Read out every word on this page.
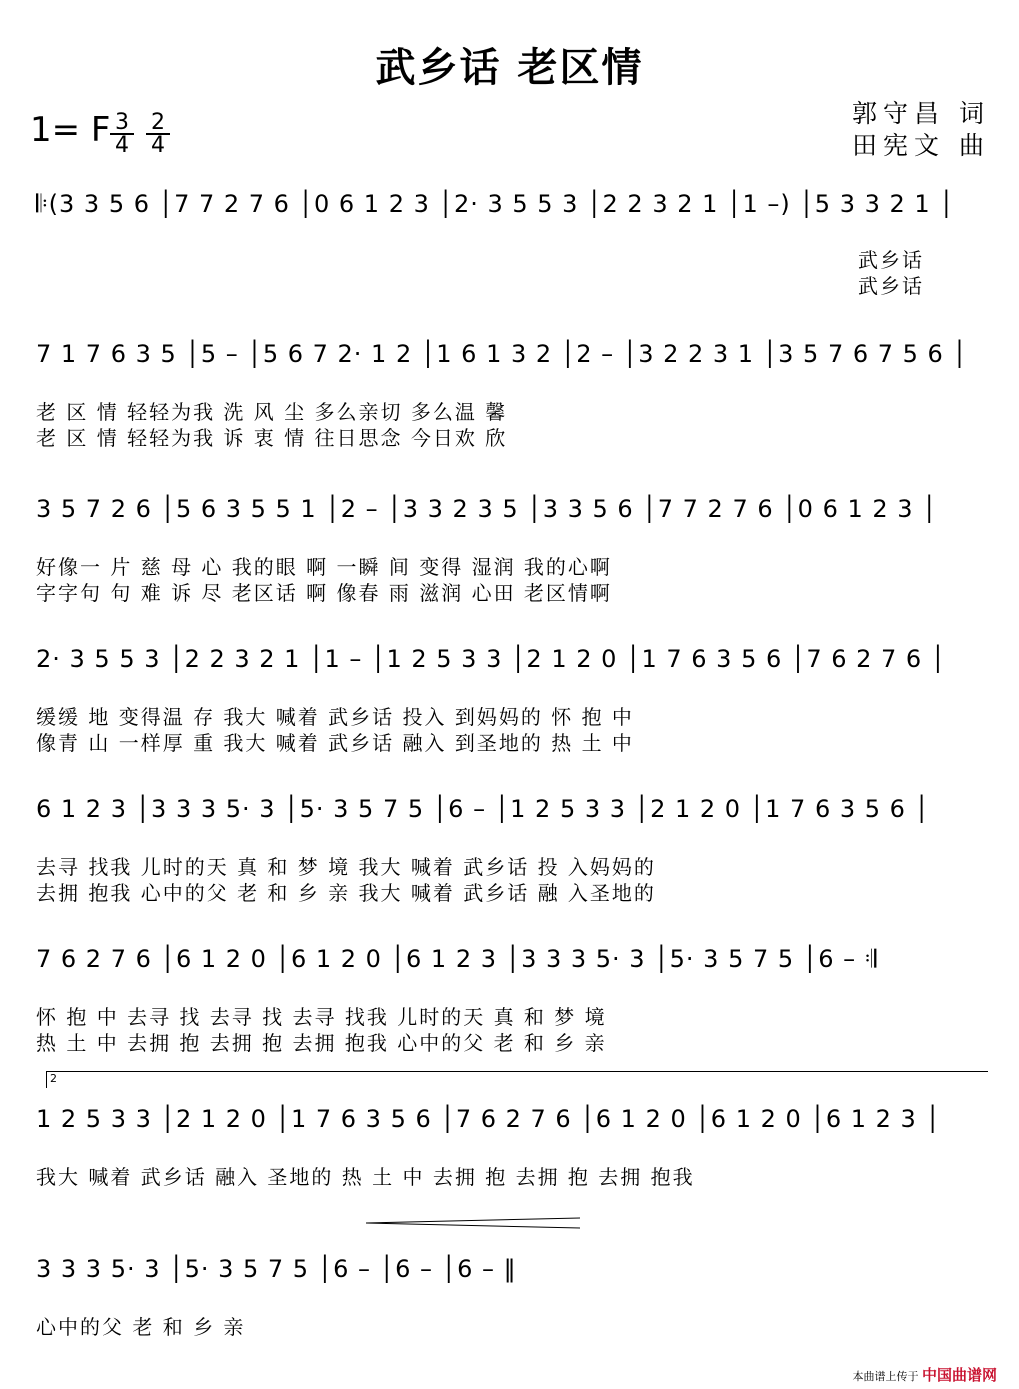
武乡话 老区情
1= F $\frac{3}{4} \frac{2}{4}$	郭守昌 词
田宪文 曲
𝄆(3 3 5 6 │7 7 2 7 6 │0 6 1 2 3 │2· 3 5 5 3 │2 2 3 2 1 │1 –) │5 3 3 2 1 │
武乡话
武乡话
7 1 7 6 3 5 │5 – │5 6 7 2· 1 2 │1 6 1 3 2 │2 – │3 2 2 3 1 │3 5 7 6 7 5 6 │
老 区 情 轻轻为我 洗 风 尘 多么亲切 多么温 馨
老 区 情 轻轻为我 诉 衷 情 往日思念 今日欢 欣
3 5 7 2 6 │5 6 3 5 5 1 │2 – │3 3 2 3 5 │3 3 5 6 │7 7 2 7 6 │0 6 1 2 3 │
好像一 片 慈 母 心 我的眼 啊 一瞬 间 变得 湿润 我的心啊
字字句 句 难 诉 尽 老区话 啊 像春 雨 滋润 心田 老区情啊
2· 3 5 5 3 │2 2 3 2 1 │1 – │1 2 5 3 3 │2 1 2 0 │1 7 6 3 5 6 │7 6 2 7 6 │
缓缓 地 变得温 存 我大 喊着 武乡话 投入 到妈妈的 怀 抱 中
像青 山 一样厚 重 我大 喊着 武乡话 融入 到圣地的 热 土 中
6 1 2 3 │3 3 3 5· 3 │5· 3 5 7 5 │6 – │1 2 5 3 3 │2 1 2 0 │1 7 6 3 5 6 │
去寻 找我 儿时的天 真 和 梦 境 我大 喊着 武乡话 投 入妈妈的
去拥 抱我 心中的父 老 和 乡 亲 我大 喊着 武乡话 融 入圣地的
7 6 2 7 6 │6 1 2 0 │6 1 2 0 │6 1 2 3 │3 3 3 5· 3 │5· 3 5 7 5 │6 – 𝄇
怀 抱 中 去寻 找 去寻 找 去寻 找我 儿时的天 真 和 梦 境
热 土 中 去拥 抱 去拥 抱 去拥 抱我 心中的父 老 和 乡 亲
1 2 5 3 3 │2 1 2 0 │1 7 6 3 5 6 │7 6 2 7 6 │6 1 2 0 │6 1 2 0 │6 1 2 3 │
我大 喊着 武乡话 融入 圣地的 热 土 中 去拥 抱 去拥 抱 去拥 抱我
3 3 3 5· 3 │5· 3 5 7 5 │6 – │6 – │6 – ‖
心中的父 老 和 乡 亲
2
本曲谱上传于 中国曲谱网
